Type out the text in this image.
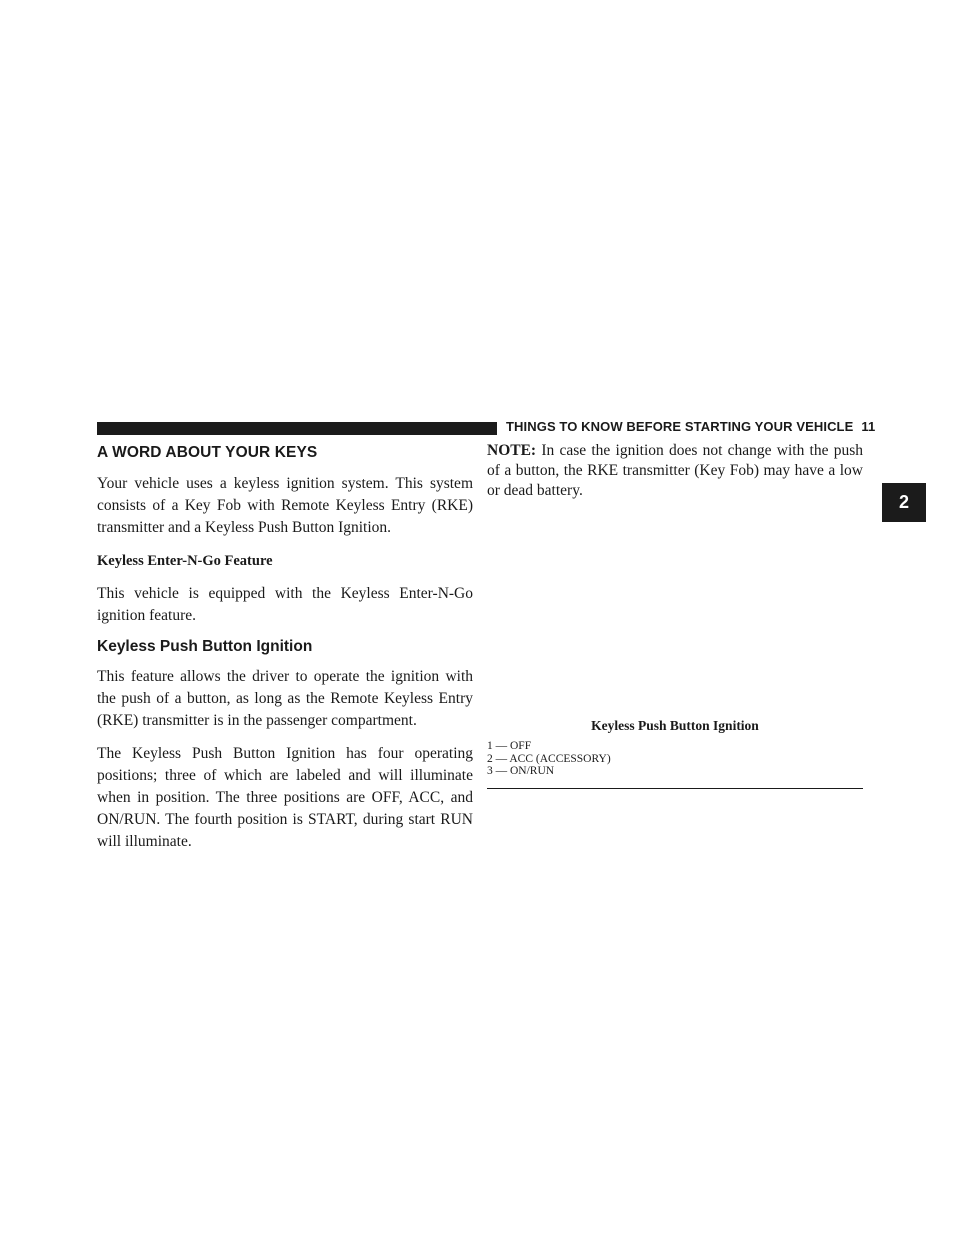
THINGS TO KNOW BEFORE STARTING YOUR VEHICLE 11
2
A WORD ABOUT YOUR KEYS

Your vehicle uses a keyless ignition system. This system consists of a Key Fob with Remote Keyless Entry (RKE) transmitter and a Keyless Push Button Ignition.

Keyless Enter-N-Go Feature

This vehicle is equipped with the Keyless Enter-N-Go ignition feature.

Keyless Push Button Ignition

This feature allows the driver to operate the ignition with the push of a button, as long as the Remote Keyless Entry (RKE) transmitter is in the passenger compartment.

The Keyless Push Button Ignition has four operating positions; three of which are labeled and will illuminate when in position. The three positions are OFF, ACC, and ON/RUN. The fourth position is START, during start RUN will illuminate.

NOTE: In case the ignition does not change with the push of a button, the RKE transmitter (Key Fob) may have a low or dead battery.

Keyless Push Button Ignition
1 — OFF
2 — ACC (ACCESSORY)
3 — ON/RUN
